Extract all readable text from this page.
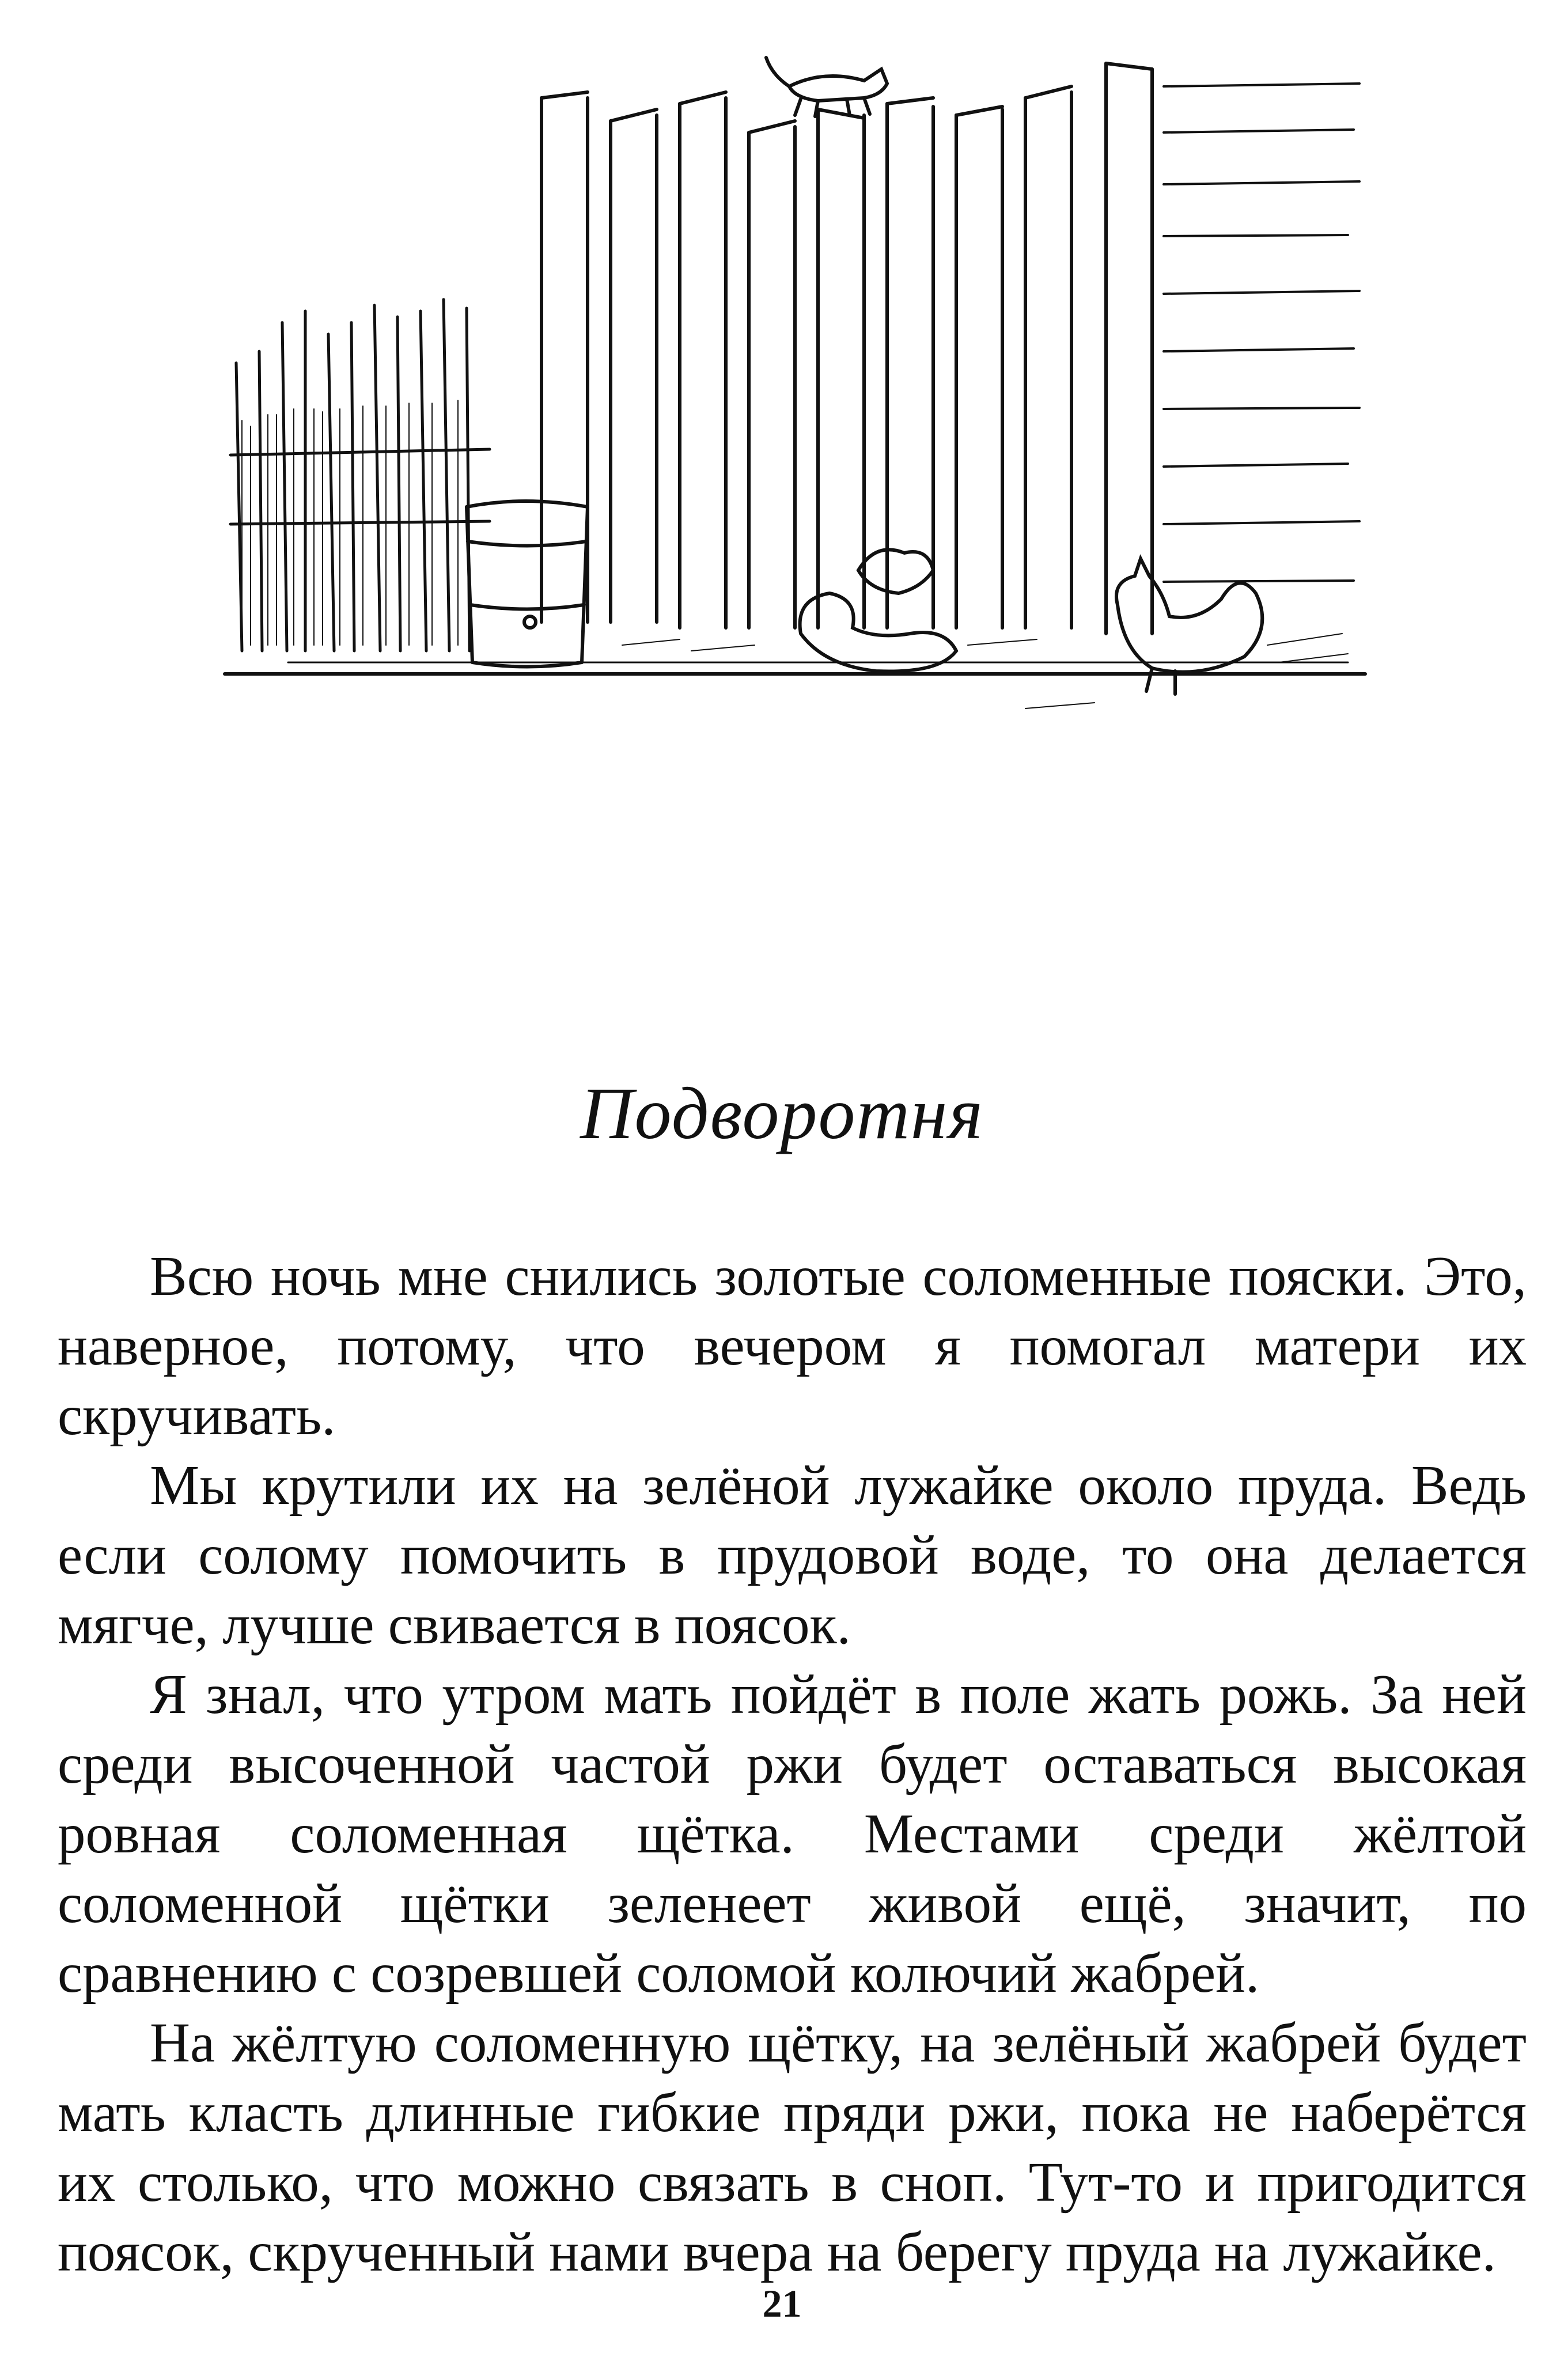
Подворотня

Всю ночь мне снились золотые соломенные пояски. Это, наверное, потому, что вечером я помогал матери их скручивать.

Мы крутили их на зелёной лужайке около пруда. Ведь если солому помочить в прудовой воде, то она делается мягче, лучше свивается в поясок.

Я знал, что утром мать пойдёт в поле жать рожь. За ней среди высоченной частой ржи будет оставаться высокая ровная соломенная щётка. Местами среди жёлтой соломенной щётки зеленеет живой ещё, значит, по сравнению с созревшей соломой колючий жабрей.

На жёлтую соломенную щётку, на зелёный жабрей будет мать класть длинные гибкие пряди ржи, пока не наберётся их столько, что можно связать в сноп. Тут-то и пригодится поясок, скрученный нами вчера на берегу пруда на лужайке.

21
